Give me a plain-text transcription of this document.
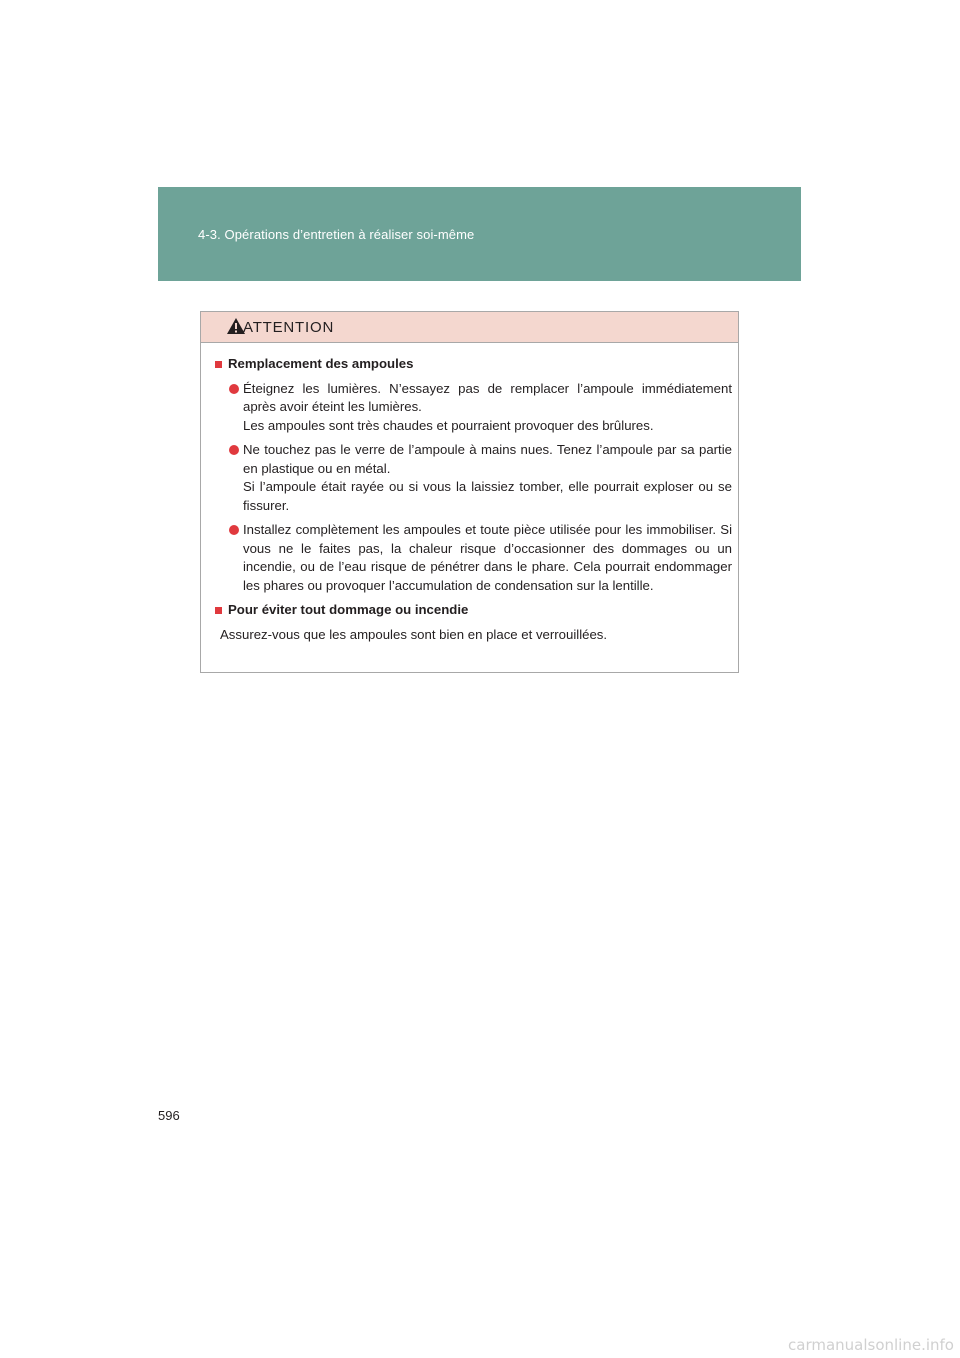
4-3. Opérations d’entretien à réaliser soi-même
ATTENTION
Remplacement des ampoules

Éteignez les lumières. N’essayez pas de remplacer l’ampoule immédiatement après avoir éteint les lumières.

Les ampoules sont très chaudes et pourraient provoquer des brûlures.

Ne touchez pas le verre de l’ampoule à mains nues. Tenez l’ampoule par sa partie en plastique ou en métal.

Si l’ampoule était rayée ou si vous la laissiez tomber, elle pourrait exploser ou se fissurer.

Installez complètement les ampoules et toute pièce utilisée pour les immobiliser. Si vous ne le faites pas, la chaleur risque d’occasionner des dommages ou un incendie, ou de l’eau risque de pénétrer dans le phare. Cela pourrait endommager les phares ou provoquer l’accumulation de condensation sur la lentille.

Pour éviter tout dommage ou incendie

Assurez-vous que les ampoules sont bien en place et verrouillées.

596
carmanualsonline.info
